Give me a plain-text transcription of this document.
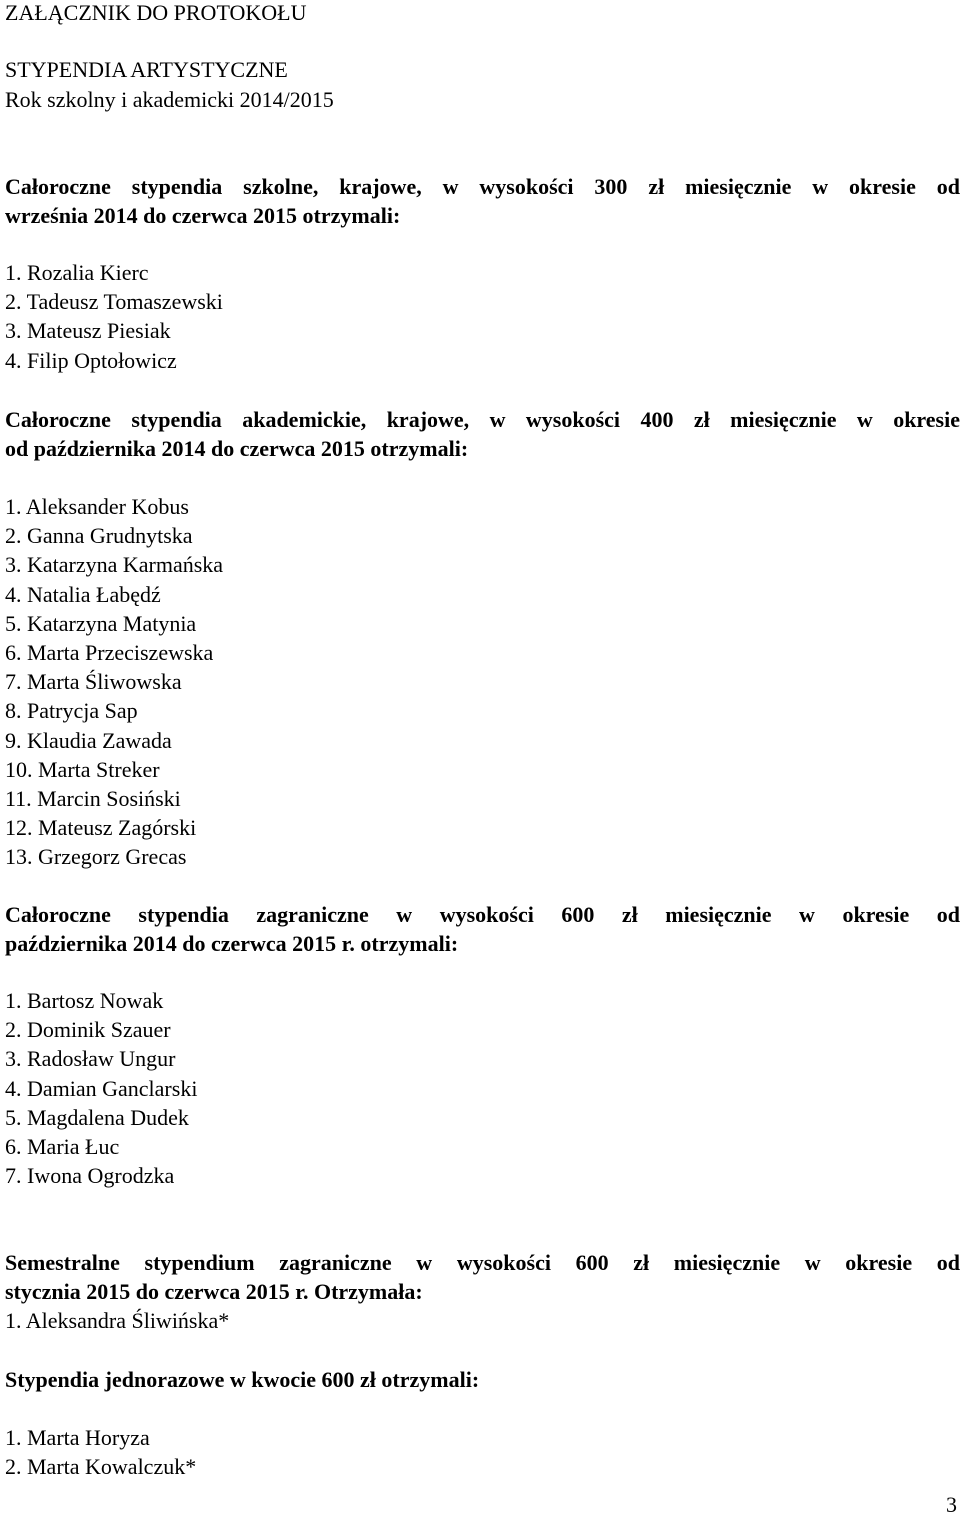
ZAŁĄCZNIK DO PROTOKOŁU
STYPENDIA ARTYSTYCZNE
Rok szkolny i akademicki 2014/2015
Całoroczne stypendia szkolne, krajowe, w wysokości 300 zł miesięcznie w okresie od
września 2014 do czerwca 2015 otrzymali:
1. Rozalia Kierc
2. Tadeusz Tomaszewski
3. Mateusz Piesiak
4. Filip Optołowicz
Całoroczne stypendia akademickie, krajowe, w wysokości 400 zł miesięcznie w okresie
od października 2014 do czerwca 2015 otrzymali:
1. Aleksander Kobus
2. Ganna Grudnytska
3. Katarzyna Karmańska
4. Natalia Łabędź
5. Katarzyna Matynia
6. Marta Przeciszewska
7. Marta Śliwowska
8. Patrycja Sap
9. Klaudia Zawada
10. Marta Streker
11. Marcin Sosiński
12. Mateusz Zagórski
13. Grzegorz Grecas
Całoroczne stypendia zagraniczne w wysokości 600 zł miesięcznie w okresie od
października 2014 do czerwca 2015 r. otrzymali:
1. Bartosz Nowak
2. Dominik Szauer
3. Radosław Ungur
4. Damian Ganclarski
5. Magdalena Dudek
6. Maria Łuc
7. Iwona Ogrodzka
Semestralne stypendium zagraniczne w wysokości 600 zł miesięcznie w okresie od
stycznia 2015 do czerwca 2015 r. Otrzymała:
1. Aleksandra Śliwińska*
Stypendia jednorazowe w kwocie 600 zł otrzymali:
1. Marta Horyza
2. Marta Kowalczuk*
3
